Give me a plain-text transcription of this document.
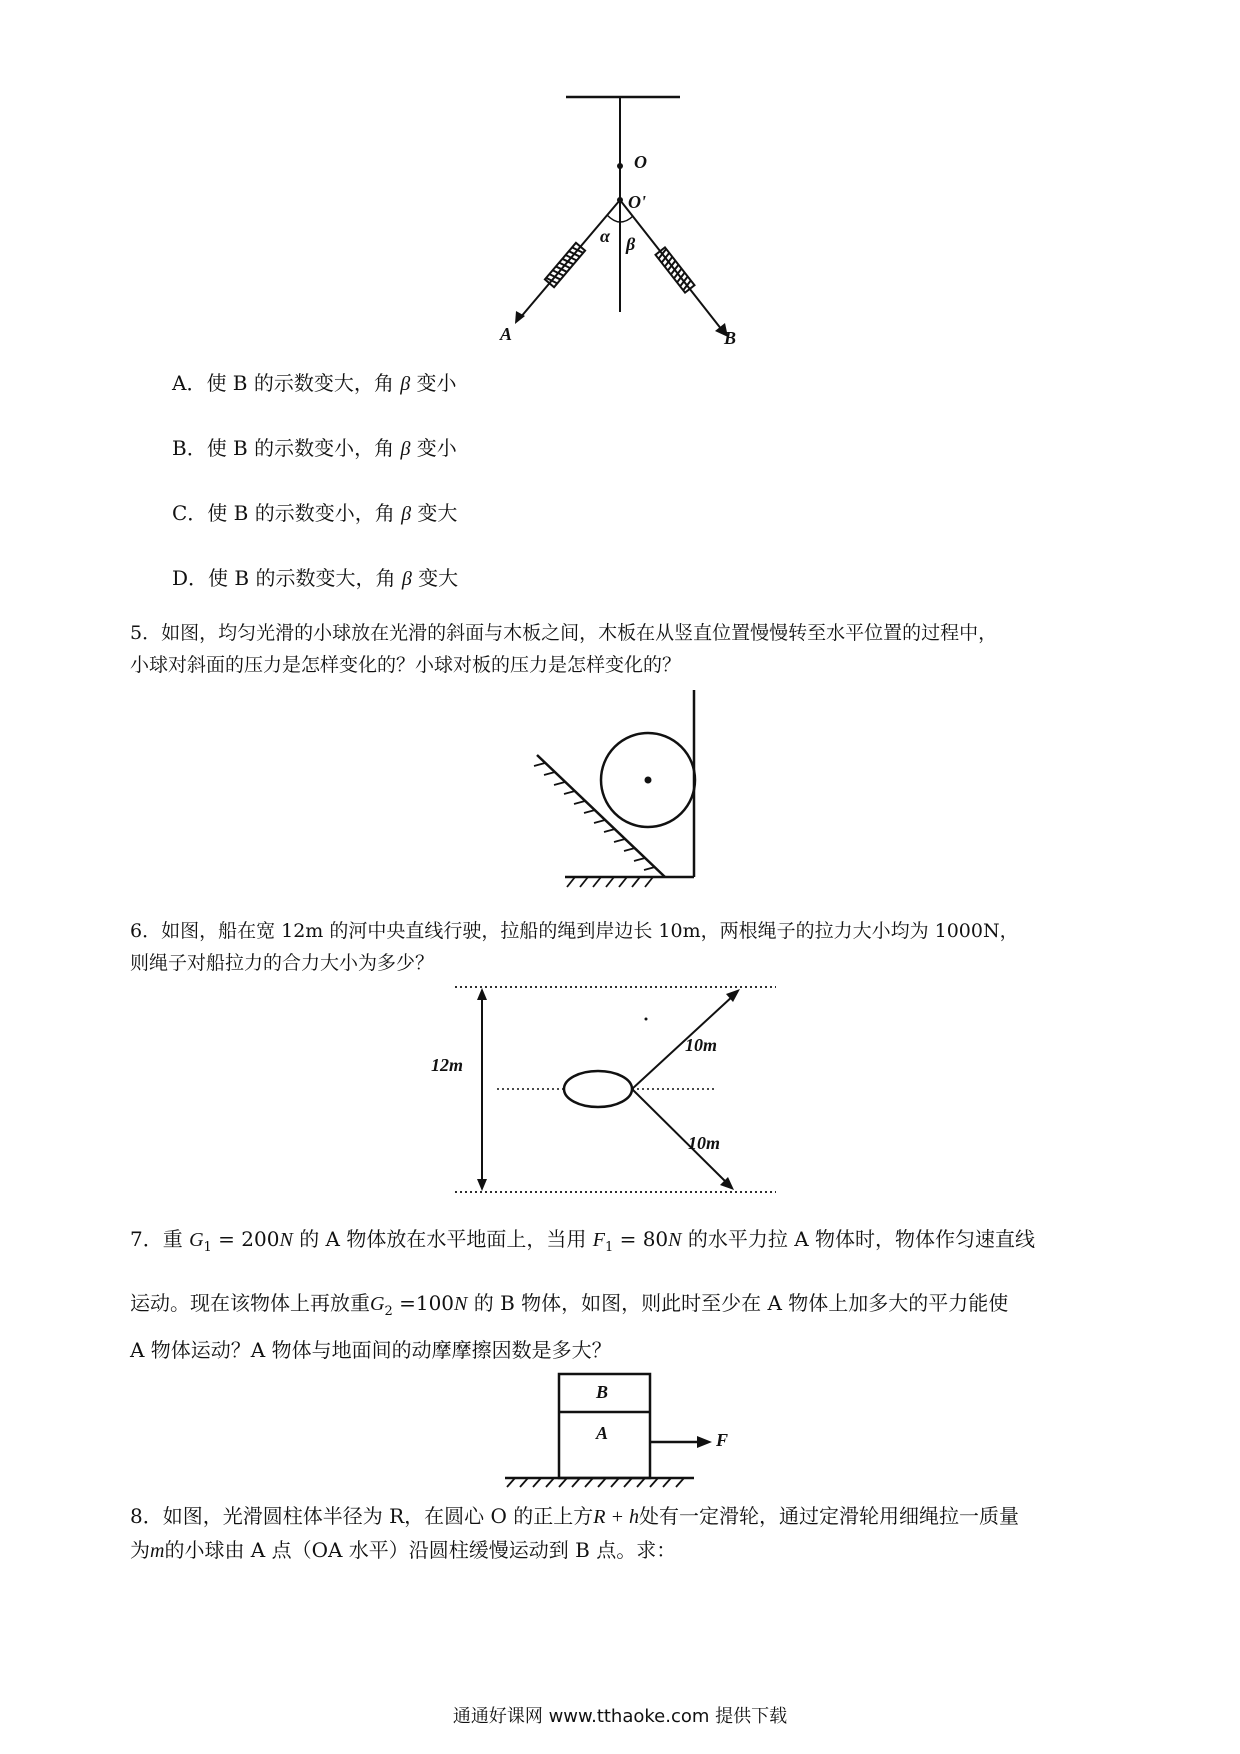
O
O'
α β
A	B
A．使 B 的示数变大，角 β 变小
B．使 B 的示数变小，角 β 变小
C．使 B 的示数变小，角 β 变大
D．使 B 的示数变大，角 β 变大
5．如图，均匀光滑的小球放在光滑的斜面与木板之间，木板在从竖直位置慢慢转至水平位置的过程中，
小球对斜面的压力是怎样变化的？小球对板的压力是怎样变化的？
6．如图，船在宽 12m 的河中央直线行驶，拉船的绳到岸边长 10m，两根绳子的拉力大小均为 1000N，
则绳子对船拉力的合力大小为多少？
12m
10m
10m
7．重 $G_1 = 200N$ 的 A 物体放在水平地面上，当用 $F_1 = 80N$ 的水平力拉 A 物体时，物体作匀速直线
运动。现在该物体上再放重$G_2 =100N$ 的 B 物体，如图，则此时至少在 A 物体上加多大的平力能使
A 物体运动？A 物体与地面间的动摩摩擦因数是多大？
B
A	F
8．如图，光滑圆柱体半径为 R，在圆心 O 的正上方R + h处有一定滑轮，通过定滑轮用细绳拉一质量
为m的小球由 A 点（OA 水平）沿圆柱缓慢运动到 B 点。求：
通通好课网 www.tthaoke.com 提供下载
